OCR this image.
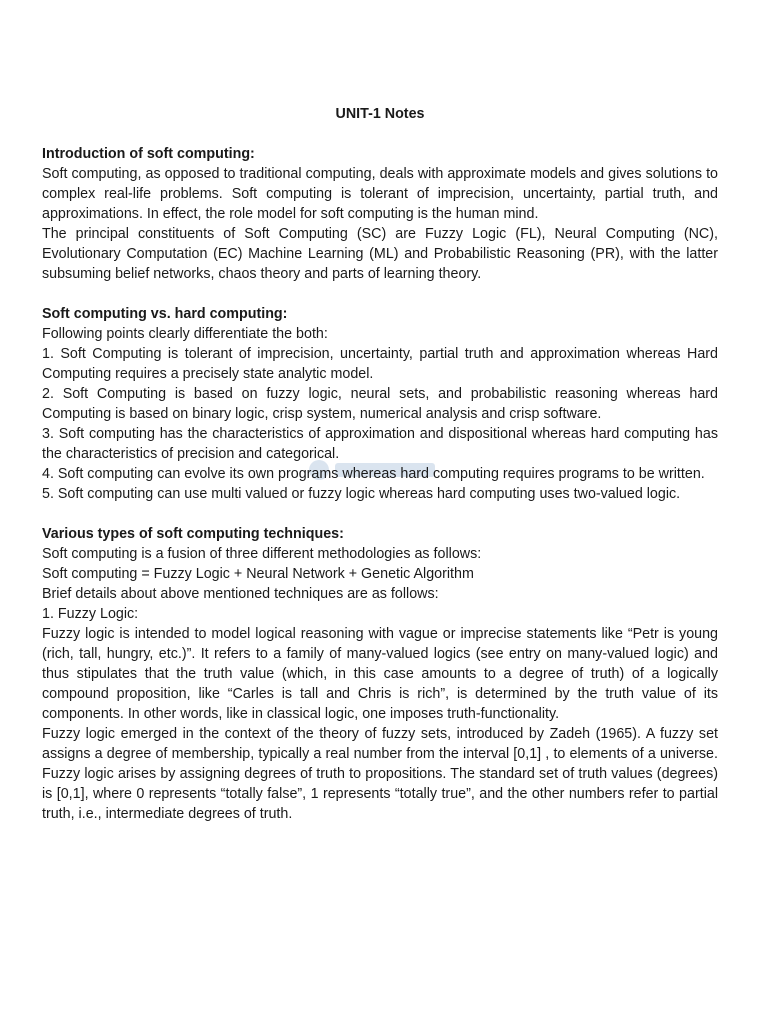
UNIT-1 Notes

Introduction of soft computing:

Soft computing, as opposed to traditional computing, deals with approximate models and gives solutions to complex real-life problems. Soft computing is tolerant of imprecision, uncertainty, partial truth, and approximations. In effect, the role model for soft computing is the human mind.

The principal constituents of Soft Computing (SC) are Fuzzy Logic (FL), Neural Computing (NC), Evolutionary Computation (EC) Machine Learning (ML) and Probabilistic Reasoning (PR), with the latter subsuming belief networks, chaos theory and parts of learning theory.

Soft computing vs. hard computing:

Following points clearly differentiate the both:

1. Soft Computing is tolerant of imprecision, uncertainty, partial truth and approximation whereas Hard Computing requires a precisely state analytic model.

2. Soft Computing is based on fuzzy logic, neural sets, and probabilistic reasoning whereas hard Computing is based on binary logic, crisp system, numerical analysis and crisp software.

3. Soft computing has the characteristics of approximation and dispositional whereas hard computing has the characteristics of precision and categorical.

4. Soft computing can evolve its own programs whereas hard computing requires programs to be written.

5. Soft computing can use multi valued or fuzzy logic whereas hard computing uses two-valued logic.

Various types of soft computing techniques:

Soft computing is a fusion of three different methodologies as follows:

Soft computing = Fuzzy Logic + Neural Network + Genetic Algorithm

Brief details about above mentioned techniques are as follows:

1. Fuzzy Logic:

Fuzzy logic is intended to model logical reasoning with vague or imprecise statements like “Petr is young (rich, tall, hungry, etc.)”. It refers to a family of many-valued logics (see entry on many-valued logic) and thus stipulates that the truth value (which, in this case amounts to a degree of truth) of a logically compound proposition, like “Carles is tall and Chris is rich”, is determined by the truth value of its components. In other words, like in classical logic, one imposes truth-functionality.

Fuzzy logic emerged in the context of the theory of fuzzy sets, introduced by Zadeh (1965). A fuzzy set assigns a degree of membership, typically a real number from the interval [0,1] , to elements of a universe. Fuzzy logic arises by assigning degrees of truth to propositions. The standard set of truth values (degrees) is [0,1], where 0 represents “totally false”, 1 represents “totally true”, and the other numbers refer to partial truth, i.e., intermediate degrees of truth.
